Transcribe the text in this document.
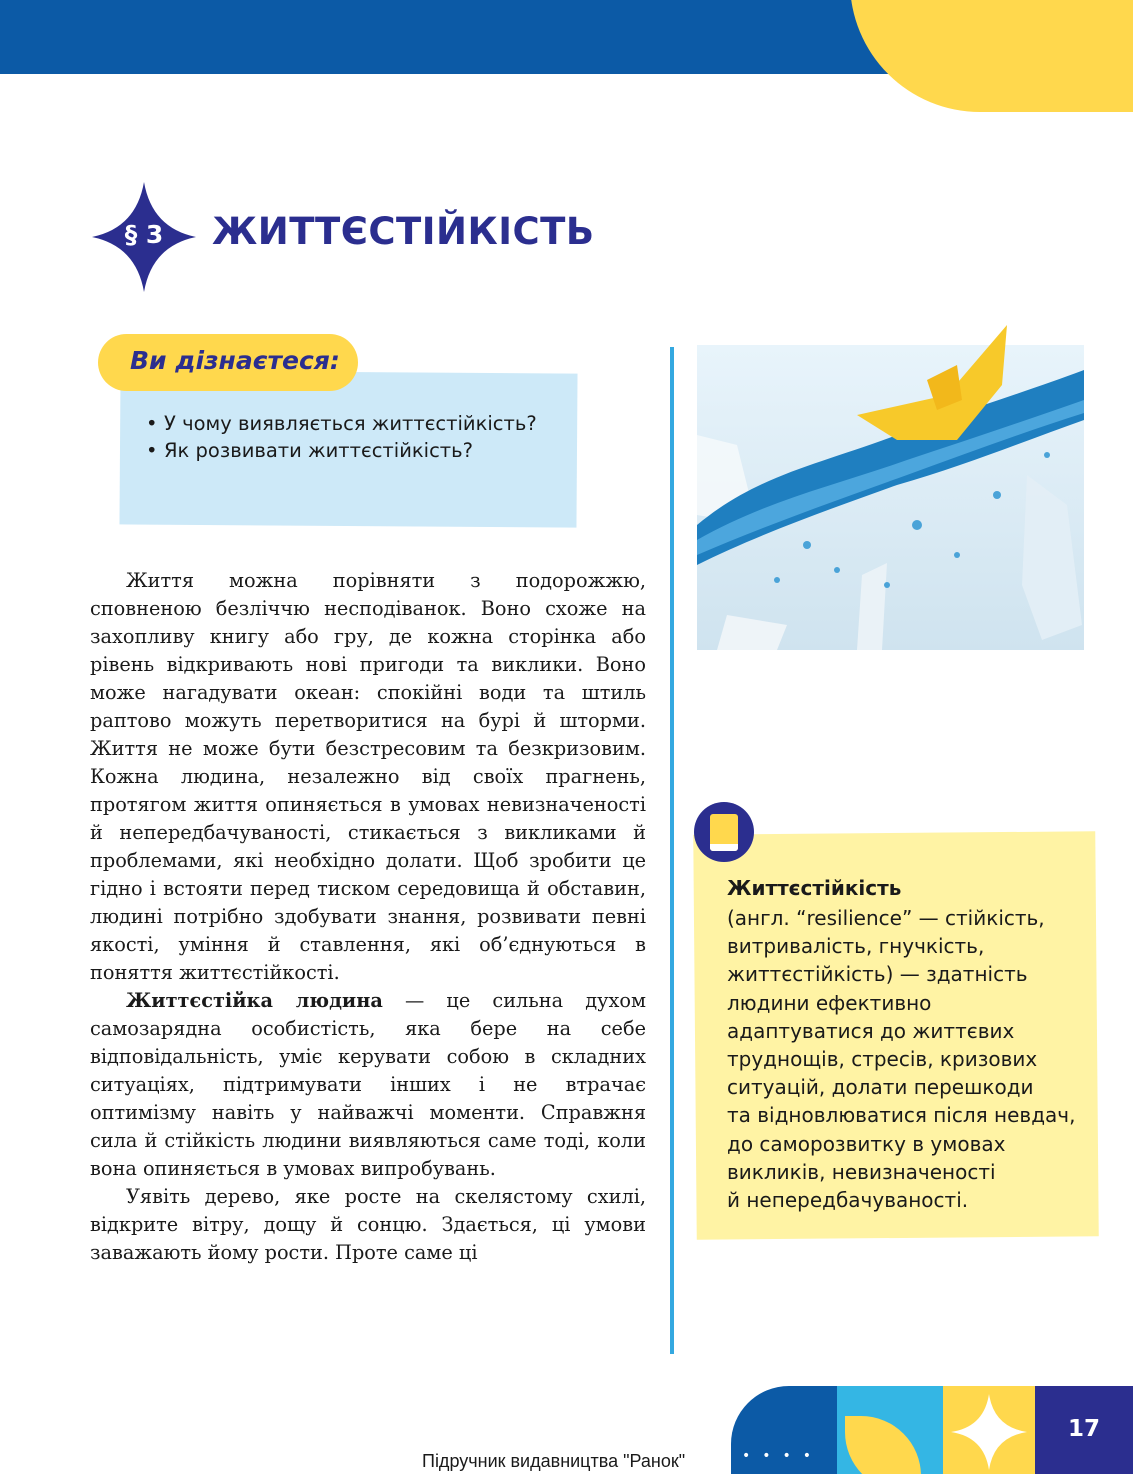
§ 3	ЖИТТЄСТІЙКІСТЬ
Ви дізнаєтеся:
• У чому виявляється життєстійкість?
• Як розвивати життєстійкість?

Життя можна порівняти з подорожжю, сповненою безліччю несподіванок. Воно схоже на захопливу книгу або гру, де кожна сторінка або рівень відкривають нові пригоди та виклики. Воно може нагадувати океан: спокійні води та штиль раптово можуть перетворитися на бурі й шторми. Життя не може бути безстресовим та безкризовим. Кожна людина, незалежно від своїх прагнень, протягом життя опиняється в умовах невизначеності й непередбачуваності, стикається з викликами й проблемами, які необхідно долати. Щоб зробити це гідно і встояти перед тиском середовища й обставин, людині потрібно здобувати знання, розвивати певні якості, уміння й ставлення, які об’єднуються в поняття життєстійкості.

Життєстійка людина — це сильна духом самозарядна особистість, яка бере на себе відповідальність, уміє керувати собою в складних ситуаціях, підтримувати інших і не втрачає оптимізму навіть у найважчі моменти. Справжня сила й стійкість людини виявляються саме тоді, коли вона опиняється в умовах випробувань.

Уявіть дерево, яке росте на скелястому схилі, відкрите вітру, дощу й сонцю. Здається, ці умови заважають йому рости. Проте саме ці

Життєстійкість
(англ. “resilience” — стійкість,
витривалість, гнучкість,
життєстійкість) — здатність
людини ефективно
адаптуватися до життєвих
труднощів, стресів, кризових
ситуацій, долати перешкоди
та відновлюватися після невдач,
до саморозвитку в умовах
викликів, невизначеності
й непередбачуваності.
Підручник видавництва "Ранок"	••••
17
